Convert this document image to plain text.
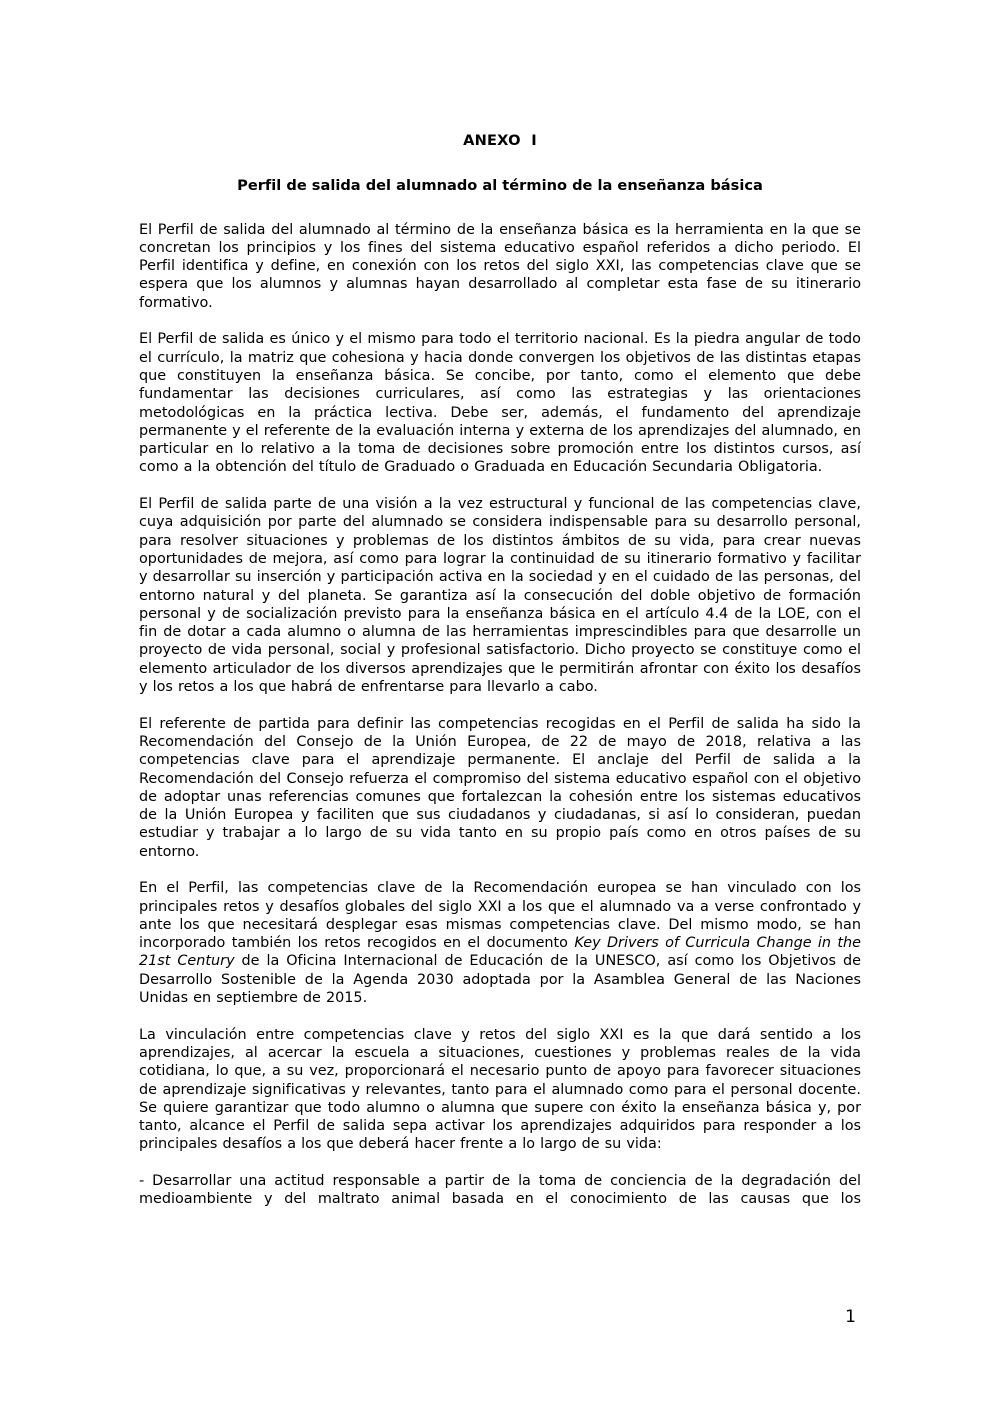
ANEXO  I
Perfil de salida del alumnado al término de la enseñanza básica

El Perfil de salida del alumnado al término de la enseñanza básica es la herramienta en la que se concretan los principios y los fines del sistema educativo español referidos a dicho periodo. El Perfil identifica y define, en conexión con los retos del siglo XXI, las competencias clave que se espera que los alumnos y alumnas hayan desarrollado al completar esta fase de su itinerario formativo.

El Perfil de salida es único y el mismo para todo el territorio nacional. Es la piedra angular de todo el currículo, la matriz que cohesiona y hacia donde convergen los objetivos de las distintas etapas que constituyen la enseñanza básica. Se concibe, por tanto, como el elemento que debe fundamentar las decisiones curriculares, así como las estrategias y las orientaciones metodológicas en la práctica lectiva. Debe ser, además, el fundamento del aprendizaje permanente y el referente de la evaluación interna y externa de los aprendizajes del alumnado, en particular en lo relativo a la toma de decisiones sobre promoción entre los distintos cursos, así como a la obtención del título de Graduado o Graduada en Educación Secundaria Obligatoria.

El Perfil de salida parte de una visión a la vez estructural y funcional de las competencias clave, cuya adquisición por parte del alumnado se considera indispensable para su desarrollo personal, para resolver situaciones y problemas de los distintos ámbitos de su vida, para crear nuevas oportunidades de mejora, así como para lograr la continuidad de su itinerario formativo y facilitar y desarrollar su inserción y participación activa en la sociedad y en el cuidado de las personas, del entorno natural y del planeta. Se garantiza así la consecución del doble objetivo de formación personal y de socialización previsto para la enseñanza básica en el artículo 4.4 de la LOE, con el fin de dotar a cada alumno o alumna de las herramientas imprescindibles para que desarrolle un proyecto de vida personal, social y profesional satisfactorio. Dicho proyecto se constituye como el elemento articulador de los diversos aprendizajes que le permitirán afrontar con éxito los desafíos y los retos a los que habrá de enfrentarse para llevarlo a cabo.

El referente de partida para definir las competencias recogidas en el Perfil de salida ha sido la Recomendación del Consejo de la Unión Europea, de 22 de mayo de 2018, relativa a las competencias clave para el aprendizaje permanente. El anclaje del Perfil de salida a la Recomendación del Consejo refuerza el compromiso del sistema educativo español con el objetivo de adoptar unas referencias comunes que fortalezcan la cohesión entre los sistemas educativos de la Unión Europea y faciliten que sus ciudadanos y ciudadanas, si así lo consideran, puedan estudiar y trabajar a lo largo de su vida tanto en su propio país como en otros países de su entorno.

En el Perfil, las competencias clave de la Recomendación europea se han vinculado con los principales retos y desafíos globales del siglo XXI a los que el alumnado va a verse confrontado y ante los que necesitará desplegar esas mismas competencias clave. Del mismo modo, se han incorporado también los retos recogidos en el documento Key Drivers of Curricula Change in the 21st Century de la Oficina Internacional de Educación de la UNESCO, así como los Objetivos de Desarrollo Sostenible de la Agenda 2030 adoptada por la Asamblea General de las Naciones Unidas en septiembre de 2015.

La vinculación entre competencias clave y retos del siglo XXI es la que dará sentido a los aprendizajes, al acercar la escuela a situaciones, cuestiones y problemas reales de la vida cotidiana, lo que, a su vez, proporcionará el necesario punto de apoyo para favorecer situaciones de aprendizaje significativas y relevantes, tanto para el alumnado como para el personal docente. Se quiere garantizar que todo alumno o alumna que supere con éxito la enseñanza básica y, por tanto, alcance el Perfil de salida sepa activar los aprendizajes adquiridos para responder a los principales desafíos a los que deberá hacer frente a lo largo de su vida:

- Desarrollar una actitud responsable a partir de la toma de conciencia de la degradación del medioambiente y del maltrato animal basada en el conocimiento de las causas que los

1
